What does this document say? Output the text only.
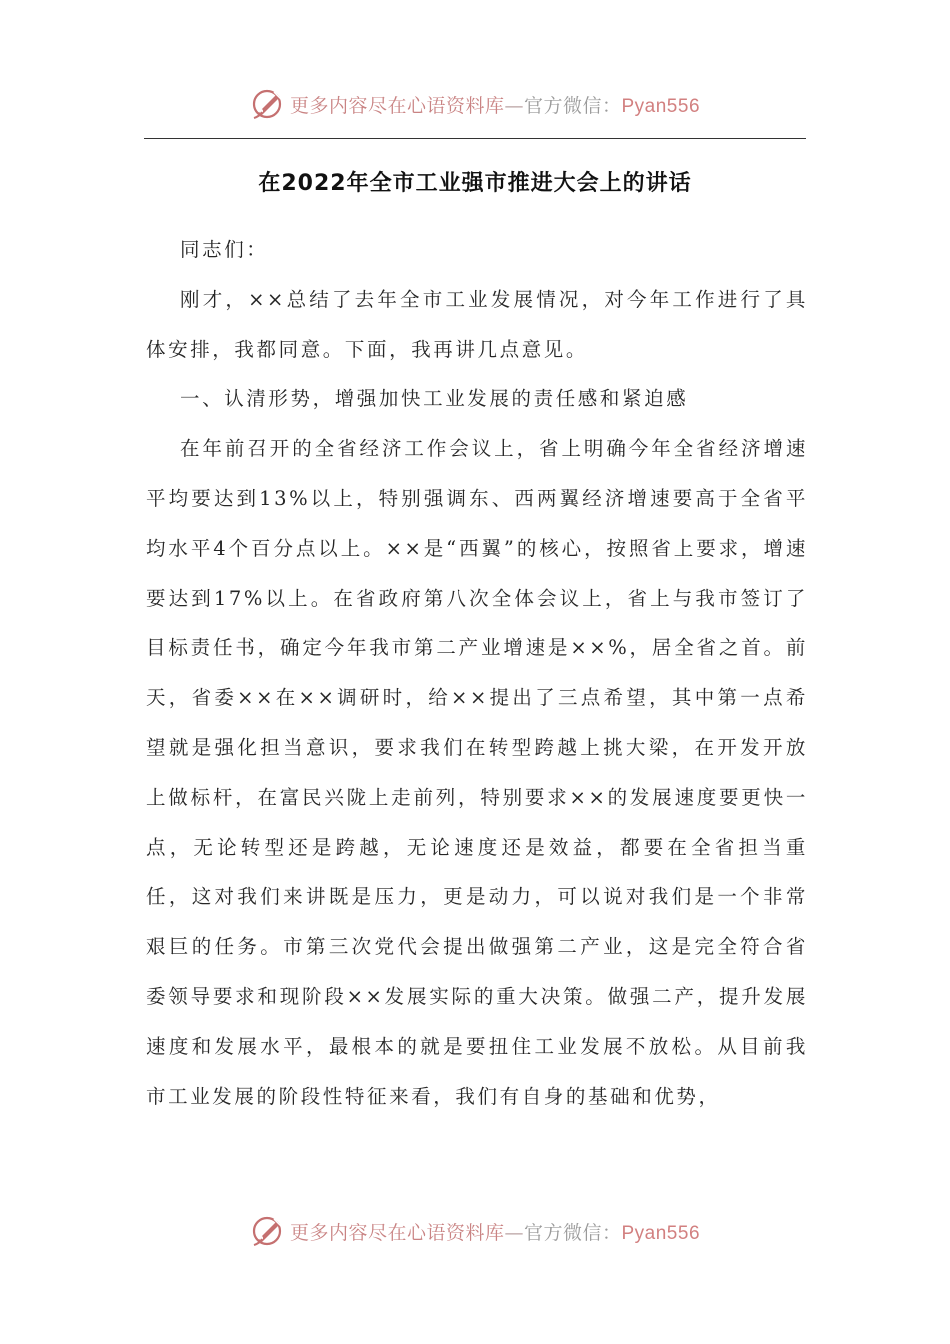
更多内容尽在心语资料库—官方微信：Pyan556
在2022年全市工业强市推进大会上的讲话

同志们：

刚才，××总结了去年全市工业发展情况，对今年工作进行了具体安排，我都同意。下面，我再讲几点意见。

一、认清形势，增强加快工业发展的责任感和紧迫感

在年前召开的全省经济工作会议上，省上明确今年全省经济增速平均要达到13%以上，特别强调东、西两翼经济增速要高于全省平均水平4个百分点以上。××是“西翼”的核心，按照省上要求，增速要达到17%以上。在省政府第八次全体会议上，省上与我市签订了目标责任书，确定今年我市第二产业增速是××%，居全省之首。前天，省委××在××调研时，给××提出了三点希望，其中第一点希望就是强化担当意识，要求我们在转型跨越上挑大梁，在开发开放上做标杆，在富民兴陇上走前列，特别要求××的发展速度要更快一点，无论转型还是跨越，无论速度还是效益，都要在全省担当重任，这对我们来讲既是压力，更是动力，可以说对我们是一个非常艰巨的任务。市第三次党代会提出做强第二产业，这是完全符合省委领导要求和现阶段××发展实际的重大决策。做强二产，提升发展速度和发展水平，最根本的就是要扭住工业发展不放松。从目前我市工业发展的阶段性特征来看，我们有自身的基础和优势，

更多内容尽在心语资料库—官方微信：Pyan556
